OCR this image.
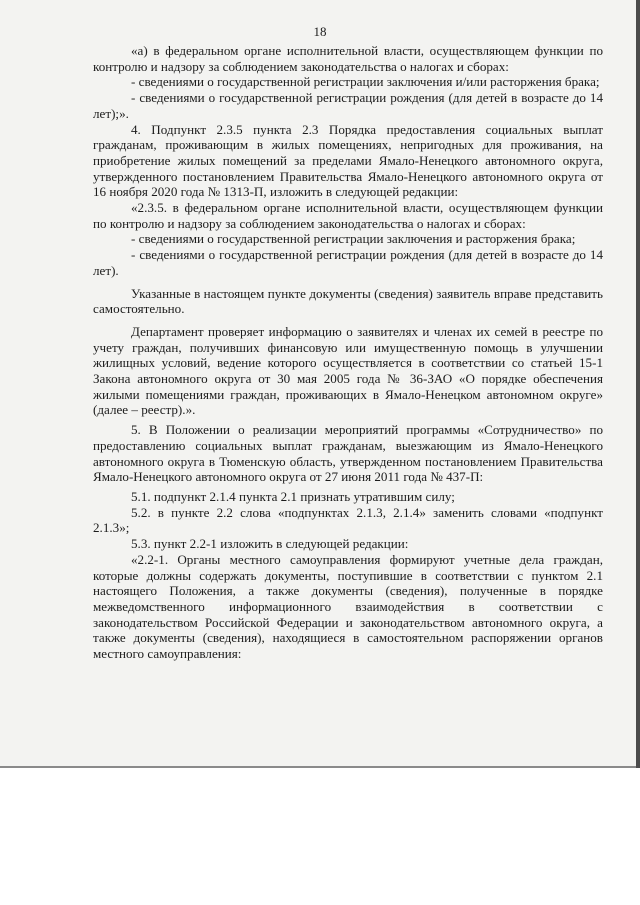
18

«а) в федеральном органе исполнительной власти, осуществляющем функции по контролю и надзору за соблюдением законодательства о налогах и сборах:

- сведениями о государственной регистрации заключения и/или расторжения брака;

- сведениями о государственной регистрации рождения (для детей в возрасте до 14 лет);».

4. Подпункт 2.3.5 пункта 2.3 Порядка предоставления социальных выплат гражданам, проживающим в жилых помещениях, непригодных для проживания, на приобретение жилых помещений за пределами Ямало-Ненецкого автономного округа, утвержденного постановлением Правительства Ямало-Ненецкого автономного округа от 16 ноября 2020 года № 1313-П, изложить в следующей редакции:

«2.3.5. в федеральном органе исполнительной власти, осуществляющем функции по контролю и надзору за соблюдением законодательства о налогах и сборах:

- сведениями о государственной регистрации заключения и расторжения брака;

- сведениями о государственной регистрации рождения (для детей в возрасте до 14 лет).

Указанные в настоящем пункте документы (сведения) заявитель вправе представить самостоятельно.

Департамент проверяет информацию о заявителях и членах их семей в реестре по учету граждан, получивших финансовую или имущественную помощь в улучшении жилищных условий, ведение которого осуществляется в соответствии со статьей 15-1 Закона автономного округа от 30 мая 2005 года № 36-ЗАО «О порядке обеспечения жилыми помещениями граждан, проживающих в Ямало-Ненецком автономном округе» (далее – реестр).».

5. В Положении о реализации мероприятий программы «Сотрудничество» по предоставлению социальных выплат гражданам, выезжающим из Ямало-Ненецкого автономного округа в Тюменскую область, утвержденном постановлением Правительства Ямало-Ненецкого автономного округа от 27 июня 2011 года № 437-П:

5.1. подпункт 2.1.4 пункта 2.1 признать утратившим силу;

5.2. в пункте 2.2 слова «подпунктах 2.1.3, 2.1.4» заменить словами «подпункт 2.1.3»;

5.3. пункт 2.2-1 изложить в следующей редакции:

«2.2-1. Органы местного самоуправления формируют учетные дела граждан, которые должны содержать документы, поступившие в соответствии с пунктом 2.1 настоящего Положения, а также документы (сведения), полученные в порядке межведомственного информационного взаимодействия в соответствии с законодательством Российской Федерации и законодательством автономного округа, а также документы (сведения), находящиеся в самостоятельном распоряжении органов местного самоуправления:
